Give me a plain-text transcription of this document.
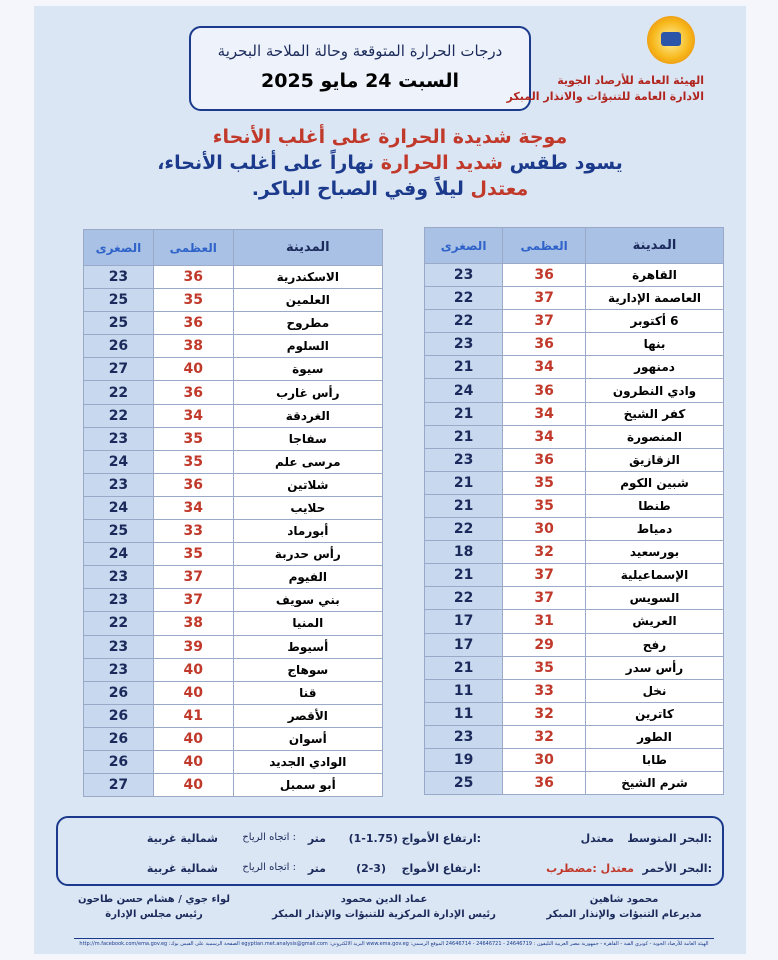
درجات الحرارة المتوقعة وحالة الملاحة البحرية
السبت 24 مايو 2025	الهيئة العامة للأرصاد الجوية
الادارة العامة للتنبؤات والانذار المبكر
موجة شديدة الحرارة على أغلب الأنحاء
يسود طقس شديد الحرارة نهاراً على أغلب الأنحاء،
معتدل ليلاً وفي الصباح الباكر.
المدينة	العظمى	الصغرى
القاهرة	36	23
العاصمة الإدارية	37	22
6 أكتوبر	37	22
بنها	36	23
دمنهور	34	21
وادي النطرون	36	24
كفر الشيخ	34	21
المنصورة	34	21
الزقازيق	36	23
شبين الكوم	35	21
طنطا	35	21
دمياط	30	22
بورسعيد	32	18
الإسماعيلية	37	21
السويس	37	22
العريش	31	17
رفح	29	17
رأس سدر	35	21
نخل	33	11
كاترين	32	11
الطور	32	23
طابا	30	19
شرم الشيخ	36	25
المدينة	العظمى	الصغرى
الاسكندرية	36	23
العلمين	35	25
مطروح	36	25
السلوم	38	26
سيوة	40	27
رأس غارب	36	22
الغردقة	34	22
سفاجا	35	23
مرسى علم	35	24
شلاتين	36	23
حلايب	34	24
أبورماد	33	25
رأس حدربة	35	24
الفيوم	37	23
بني سويف	37	23
المنيا	38	22
أسيوط	39	23
سوهاج	40	23
قنا	40	26
الأقصر	41	26
أسوان	40	26
الوادي الجديد	40	26
أبو سمبل	40	27
البحر المتوسط:
معتدل
ارتفاع الأمواج:
(1-1.75)
متر
اتجاه الرياح :
شمالية غربية
البحر الأحمر:
معتدل :مضطرب
ارتفاع الأمواج:
(2-3)
متر
اتجاه الرياح :
شمالية غربية
محمود شاهين
مديرعام التنبؤات والإنذار المبكر
عماد الدين محمود
رئيس الإدارة المركزية للتنبؤات والإنذار المبكر
لواء جوي / هشام حسن طاحون
رئيس مجلس الإدارة
الهيئة العامة للأرصاد الجوية - كوبري القبة - القاهرة - جمهورية مصر العربية التليفون : 24646719 - 24646721 - 24646714 الموقع الرسمي: www.ema.gov.eg البريد الالكتروني: egyptian.met.analysis@gmail.com الصفحة الرسمية على الفيس بوك: http://m.facebook.com/ema.gov.eg
